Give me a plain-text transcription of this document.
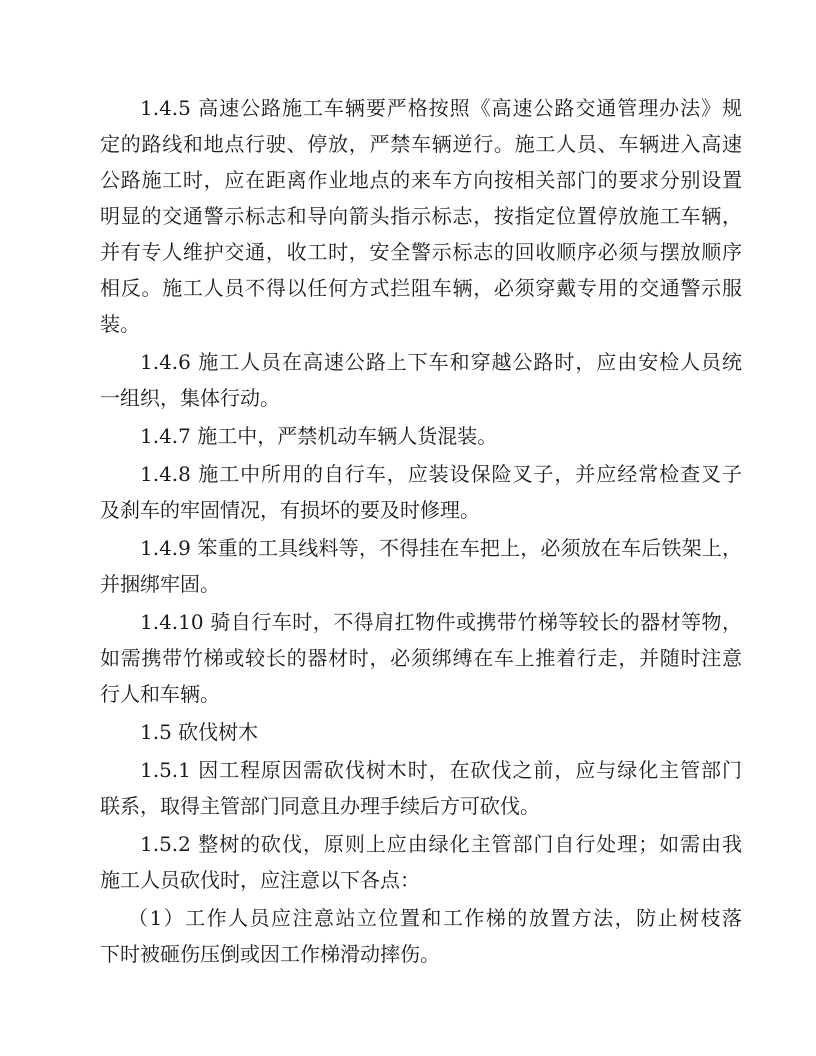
1.4.5 高速公路施工车辆要严格按照《高速公路交通管理办法》规
定的路线和地点行驶、停放，严禁车辆逆行。施工人员、车辆进入高速
公路施工时，应在距离作业地点的来车方向按相关部门的要求分别设置
明显的交通警示标志和导向箭头指示标志，按指定位置停放施工车辆，
并有专人维护交通，收工时，安全警示标志的回收顺序必须与摆放顺序
相反。施工人员不得以任何方式拦阻车辆，必须穿戴专用的交通警示服
装。
1.4.6 施工人员在高速公路上下车和穿越公路时，应由安检人员统
一组织，集体行动。
1.4.7 施工中，严禁机动车辆人货混装。
1.4.8 施工中所用的自行车，应装设保险叉子，并应经常检查叉子
及刹车的牢固情况，有损坏的要及时修理。
1.4.9 笨重的工具线料等，不得挂在车把上，必须放在车后铁架上，
并捆绑牢固。
1.4.10 骑自行车时，不得肩扛物件或携带竹梯等较长的器材等物，
如需携带竹梯或较长的器材时，必须绑缚在车上推着行走，并随时注意
行人和车辆。
1.5 砍伐树木
1.5.1 因工程原因需砍伐树木时，在砍伐之前，应与绿化主管部门
联系，取得主管部门同意且办理手续后方可砍伐。
1.5.2 整树的砍伐，原则上应由绿化主管部门自行处理；如需由我
施工人员砍伐时，应注意以下各点：
（1）工作人员应注意站立位置和工作梯的放置方法，防止树枝落
下时被砸伤压倒或因工作梯滑动摔伤。
